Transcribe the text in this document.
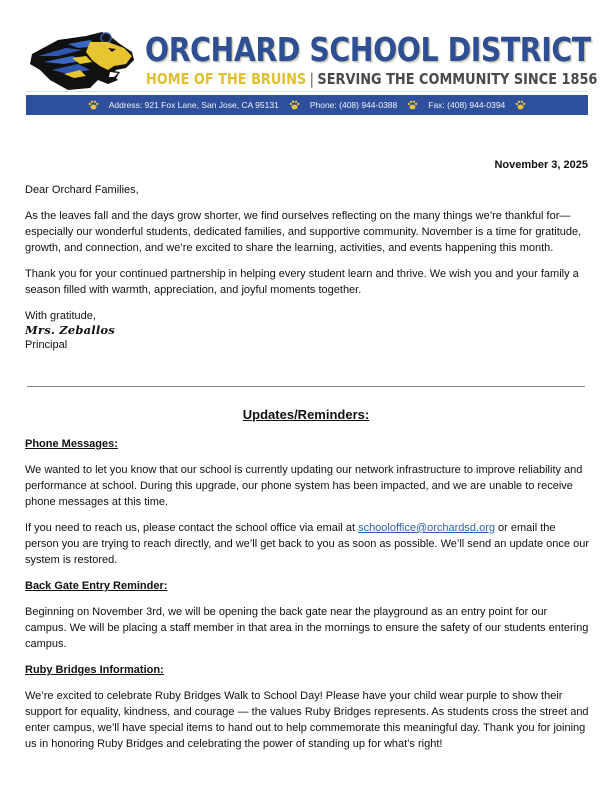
ORCHARD SCHOOL DISTRICT
HOME OF THE BRUINS | SERVING THE COMMUNITY SINCE 1856
Address: 921 Fox Lane, San Jose, CA 95131	Phone: (408) 944-0388	Fax: (408) 944-0394
November 3, 2025

Dear Orchard Families,

As the leaves fall and the days grow shorter, we find ourselves reflecting on the many things we’re thankful for—especially our wonderful students, dedicated families, and supportive community. November is a time for gratitude, growth, and connection, and we’re excited to share the learning, activities, and events happening this month.

Thank you for your continued partnership in helping every student learn and thrive. We wish you and your family a season filled with warmth, appreciation, and joyful moments together.

With gratitude,

Mrs. Zeballos

Principal

Updates/Reminders:

Phone Messages:

We wanted to let you know that our school is currently updating our network infrastructure to improve reliability and performance at school. During this upgrade, our phone system has been impacted, and we are unable to receive phone messages at this time.

If you need to reach us, please contact the school office via email at schooloffice@orchardsd.org or email the person you are trying to reach directly, and we’ll get back to you as soon as possible. We’ll send an update once our system is restored.

Back Gate Entry Reminder:

Beginning on November 3rd, we will be opening the back gate near the playground as an entry point for our campus. We will be placing a staff member in that area in the mornings to ensure the safety of our students entering campus.

Ruby Bridges Information:

We’re excited to celebrate Ruby Bridges Walk to School Day! Please have your child wear purple to show their support for equality, kindness, and courage — the values Ruby Bridges represents. As students cross the street and enter campus, we’ll have special items to hand out to help commemorate this meaningful day. Thank you for joining us in honoring Ruby Bridges and celebrating the power of standing up for what’s right!
